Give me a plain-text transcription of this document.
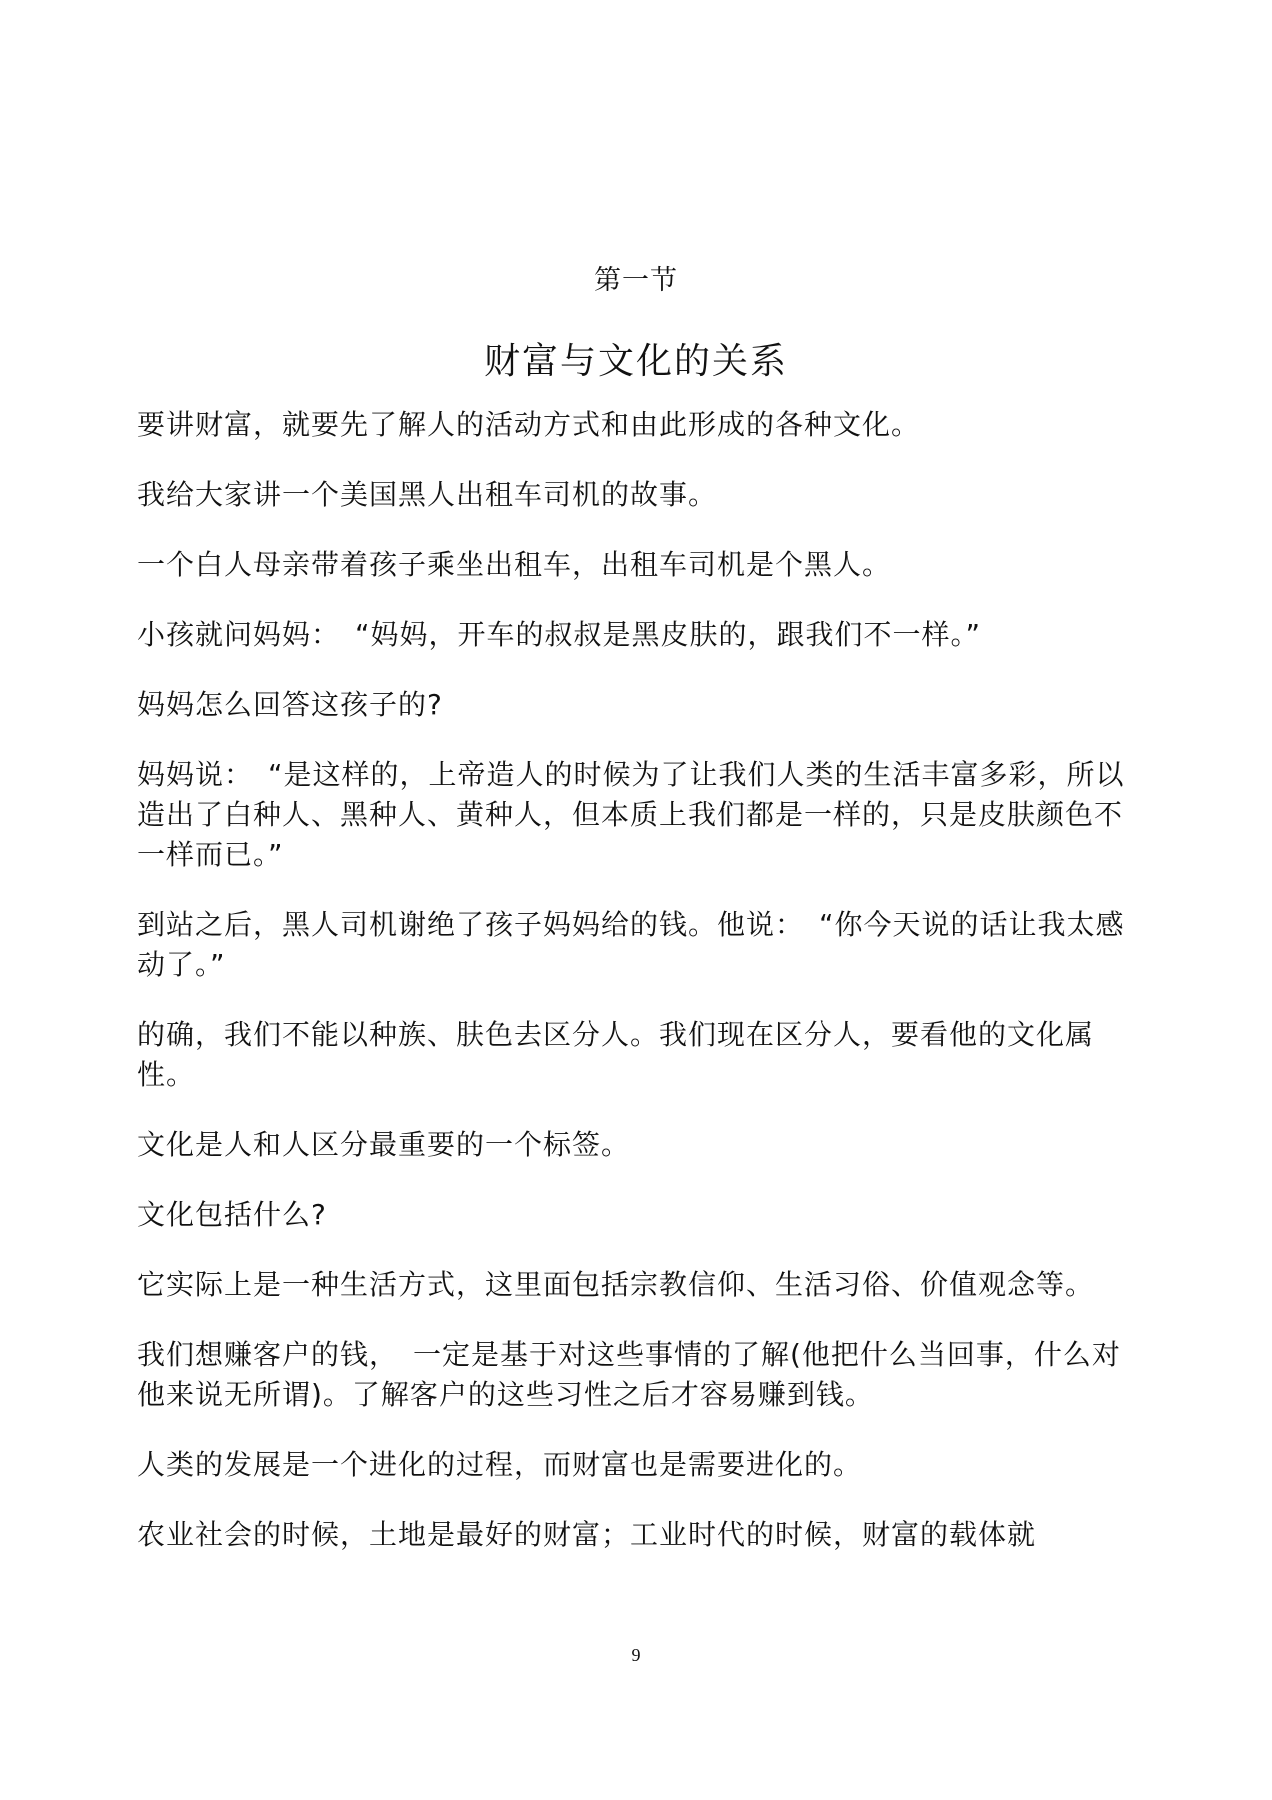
第一节
财富与文化的关系

要讲财富，就要先了解人的活动方式和由此形成的各种文化。

我给大家讲一个美国黑人出租车司机的故事。

一个白人母亲带着孩子乘坐出租车，出租车司机是个黑人。

小孩就问妈妈：　“妈妈，开车的叔叔是黑皮肤的，跟我们不一样。”

妈妈怎么回答这孩子的?

妈妈说：　“是这样的，上帝造人的时候为了让我们人类的生活丰富多彩，所以造出了白种人、黑种人、黄种人，但本质上我们都是一样的，只是皮肤颜色不一样而已。”

到站之后，黑人司机谢绝了孩子妈妈给的钱。他说：　“你今天说的话让我太感动了。”

的确，我们不能以种族、肤色去区分人。我们现在区分人，要看他的文化属性。

文化是人和人区分最重要的一个标签。

文化包括什么?

它实际上是一种生活方式，这里面包括宗教信仰、生活习俗、价值观念等。

我们想赚客户的钱，　一定是基于对这些事情的了解(他把什么当回事，什么对他来说无所谓)。了解客户的这些习性之后才容易赚到钱。

人类的发展是一个进化的过程，而财富也是需要进化的。

农业社会的时候，土地是最好的财富；工业时代的时候，财富的载体就

9
